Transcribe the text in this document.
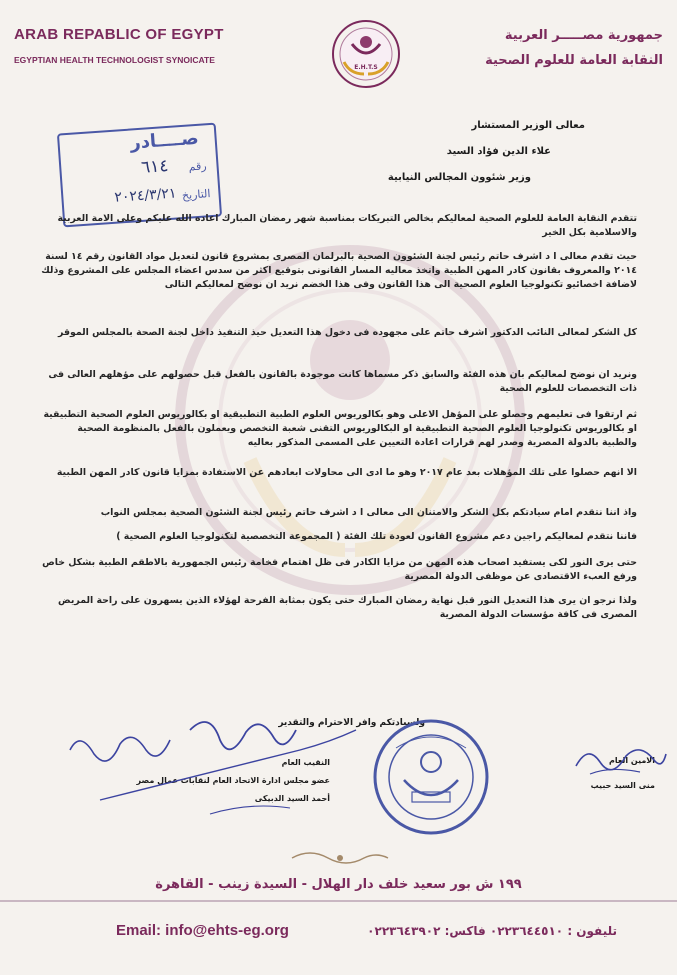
ARAB REPABLIC OF EGYPT
EGYPTIAN HEALTH TECHNOLOGIST SYNOICATE
E.H.T.S
جمهورية مصـــــر العربية
النقابة العامة للعلوم الصحية
صــــادر
رقم
٦١٤
التاريخ
٢٠٢٤/٣/٢١
معالى الوزير المستشار
علاء الدين فؤاد السيد
وزير شئوون المجالس النيابية
تتقدم النقابة العامة للعلوم الصحية لمعاليكم بخالص التبريكات بمناسبة شهر رمضان المبارك اعاده الله عليكم وعلى الامة العربية والاسلامية بكل الخير
حيث تقدم معالى ا د اشرف حاتم رئيس لجنة الشئوون الصحية بالبرلمان المصرى بمشروع قانون لتعديل مواد القانون رقم ١٤ لسنة ٢٠١٤ والمعروف بقانون كادر المهن الطبية واتخذ معاليه المسار القانونى بتوقيع اكثر من سدس اعضاء المجلس على المشروع وذلك لاضافة اخصائيو تكنولوجيا العلوم الصحية الى هذا القانون وفى هذا الخضم نريد ان نوضح لمعاليكم التالى
كل الشكر لمعالى النائب الدكتور اشرف حاتم على مجهوده فى دخول هذا التعديل حيذ التنفيذ داخل لجنة الصحة بالمجلس الموقر
ونريد ان نوضح لمعاليكم بان هذه الفئة والسابق ذكر مسماها كانت موجودة بالقانون بالفعل قبل حصولهم على مؤهلهم العالى فى ذات التخصصات للعلوم الصحية
ثم ارتقوا فى تعليمهم وحصلو على المؤهل الاعلى وهو بكالوريوس العلوم الطبية التطبيقية او بكالوريوس العلوم الصحية التطبيقية او بكالوريوس تكنولوجيا العلوم الصحية التطبيقية او البكالوريوس التقنى شعبة التخصص ويعملون بالفعل بالمنظومة الصحية والطبية بالدولة المصرية وصدر لهم قرارات اعادة التعيين على المسمى المذكور بعاليه
الا انهم حصلوا على تلك المؤهلات بعد عام ٢٠١٧ وهو ما ادى الى محاولات ابعادهم عن الاستفادة بمزايا قانون كادر المهن الطبية
واذ اننا نتقدم امام سيادتكم بكل الشكر والامتنان الى معالى ا د اشرف حاتم رئيس لجنة الشئون الصحية بمجلس النواب
فاننا نتقدم لمعاليكم راجين دعم مشروع القانون لعودة تلك الفئة ( المجموعة التخصصية لتكنولوجيا العلوم الصحية )
حتى يرى النور لكى يستفيد اصحاب هذه المهن من مزايا الكادر فى ظل اهتمام فخامة رئيس الجمهورية بالاطقم الطبية بشكل خاص ورفع العبء الاقتصادى عن موظفى الدولة المصرية
ولذا نرجو ان يرى هذا التعديل النور قبل نهاية رمضان المبارك حتى يكون بمثابة الفرحة لهؤلاء الذين يسهرون على راحة المريض المصرى فى كافة مؤسسات الدولة المصرية
ولسيادتكم وافر الاحترام والتقدير
الامين العام
منى السيد حبيب
النقيب العام
عضو مجلس ادارة الاتحاد العام لنقابات عمال مصر
أحمد السيد الدبيكى
١٩٩ ش بور سعيد خلف دار الهلال - السيدة زينب - القاهرة
Email: info@ehts-eg.org	تليفون : ٠٢٢٣٦٤٤٥١٠ فاكس: ٠٢٢٣٦٤٣٩٠٢
